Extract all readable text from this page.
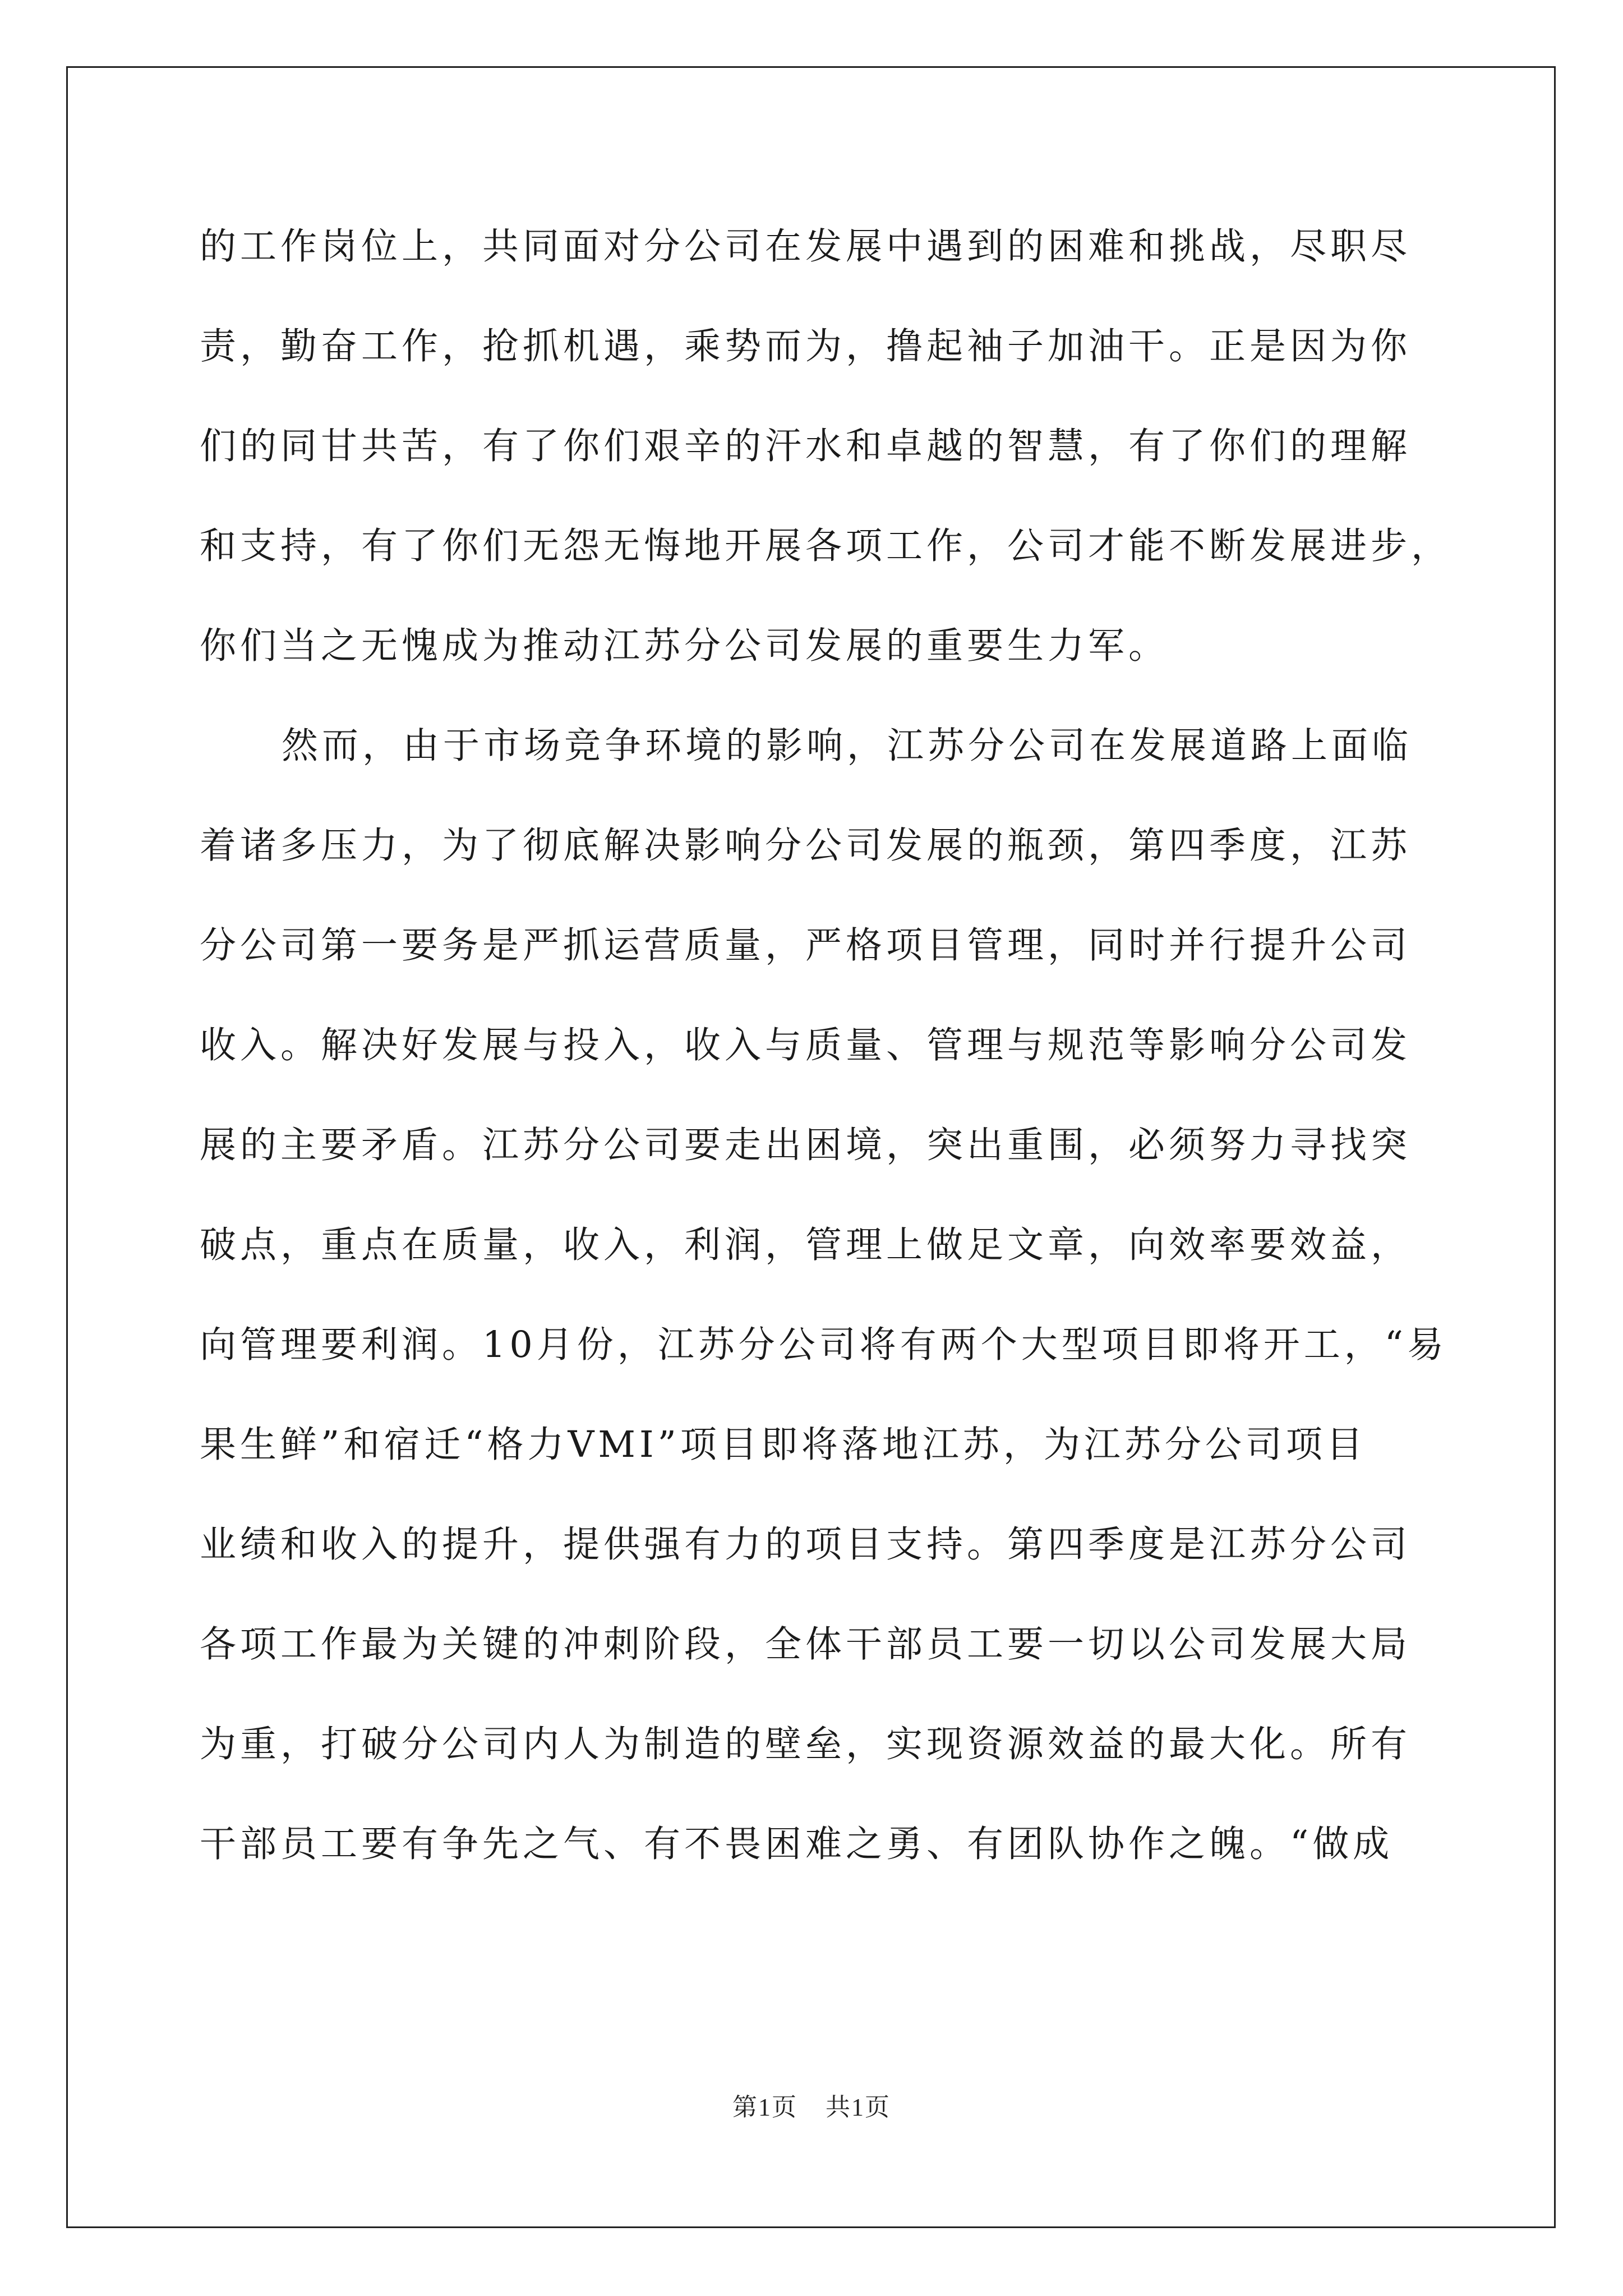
的工作岗位上，共同面对分公司在发展中遇到的困难和挑战，尽职尽
责，勤奋工作，抢抓机遇，乘势而为，撸起袖子加油干。正是因为你
们的同甘共苦，有了你们艰辛的汗水和卓越的智慧，有了你们的理解
和支持，有了你们无怨无悔地开展各项工作，公司才能不断发展进步，
你们当之无愧成为推动江苏分公司发展的重要生力军。
然而，由于市场竞争环境的影响，江苏分公司在发展道路上面临
着诸多压力，为了彻底解决影响分公司发展的瓶颈，第四季度，江苏
分公司第一要务是严抓运营质量，严格项目管理，同时并行提升公司
收入。解决好发展与投入，收入与质量、管理与规范等影响分公司发
展的主要矛盾。江苏分公司要走出困境，突出重围，必须努力寻找突
破点，重点在质量，收入，利润，管理上做足文章，向效率要效益，
向管理要利润。10月份，江苏分公司将有两个大型项目即将开工，“易
果生鲜”和宿迁“格力VMI”项目即将落地江苏，为江苏分公司项目
业绩和收入的提升，提供强有力的项目支持。第四季度是江苏分公司
各项工作最为关键的冲刺阶段，全体干部员工要一切以公司发展大局
为重，打破分公司内人为制造的壁垒，实现资源效益的最大化。所有
干部员工要有争先之气、有不畏困难之勇、有团队协作之魄。“做成
第1页 共1页
